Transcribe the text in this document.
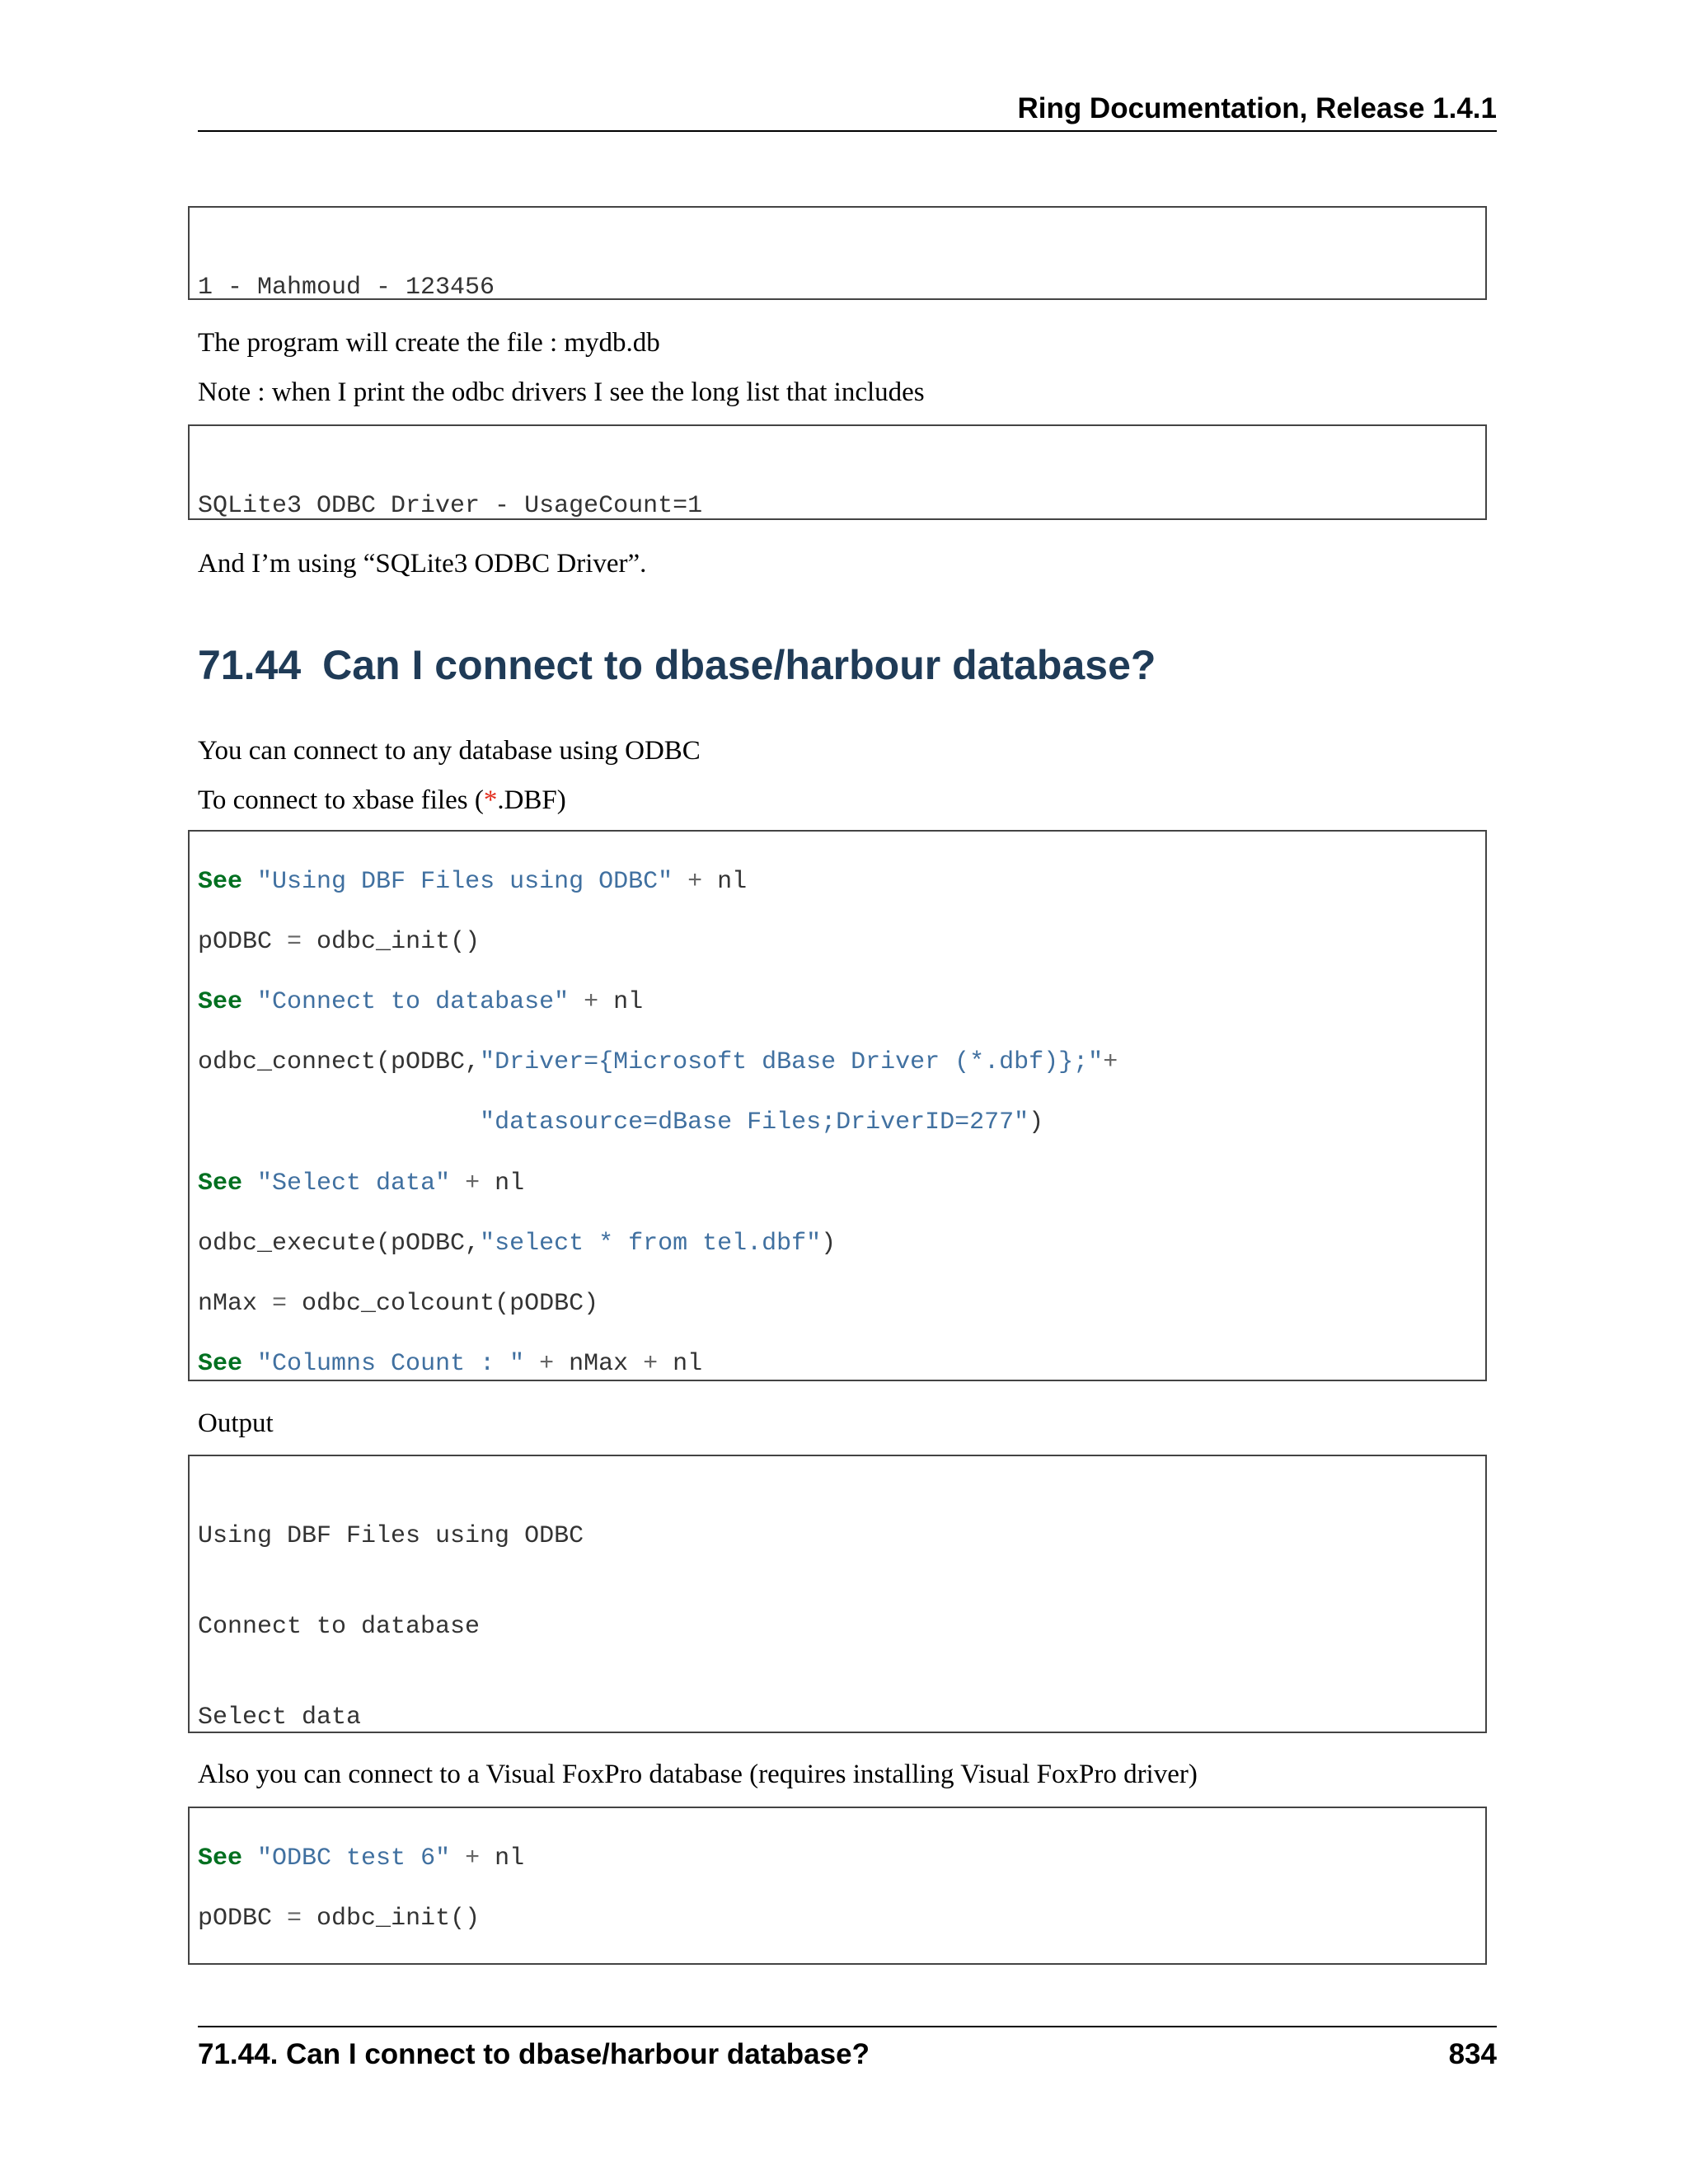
Ring Documentation, Release 1.4.1

1 - Mahmoud - 123456

The program will create the file : mydb.db
Note : when I print the odbc drivers I see the long list that includes

SQLite3 ODBC Driver - UsageCount=1

And I’m using “SQLite3 ODBC Driver”.
71.44 Can I connect to dbase/harbour database?
You can connect to any database using ODBC
To connect to xbase files (*.DBF)

See "Using DBF Files using ODBC" + nl

pODBC = odbc_init()

See "Connect to database" + nl

odbc_connect(pODBC,"Driver={Microsoft dBase Driver (*.dbf)};"+

"datasource=dBase Files;DriverID=277")

See "Select data" + nl

odbc_execute(pODBC,"select * from tel.dbf")

nMax = odbc_colcount(pODBC)

See "Columns Count : " + nMax + nl

Output

Using DBF Files using ODBC

Connect to database

Select data

Also you can connect to a Visual FoxPro database (requires installing Visual FoxPro driver)

See "ODBC test 6" + nl

pODBC = odbc_init()

71.44. Can I connect to dbase/harbour database?	834
